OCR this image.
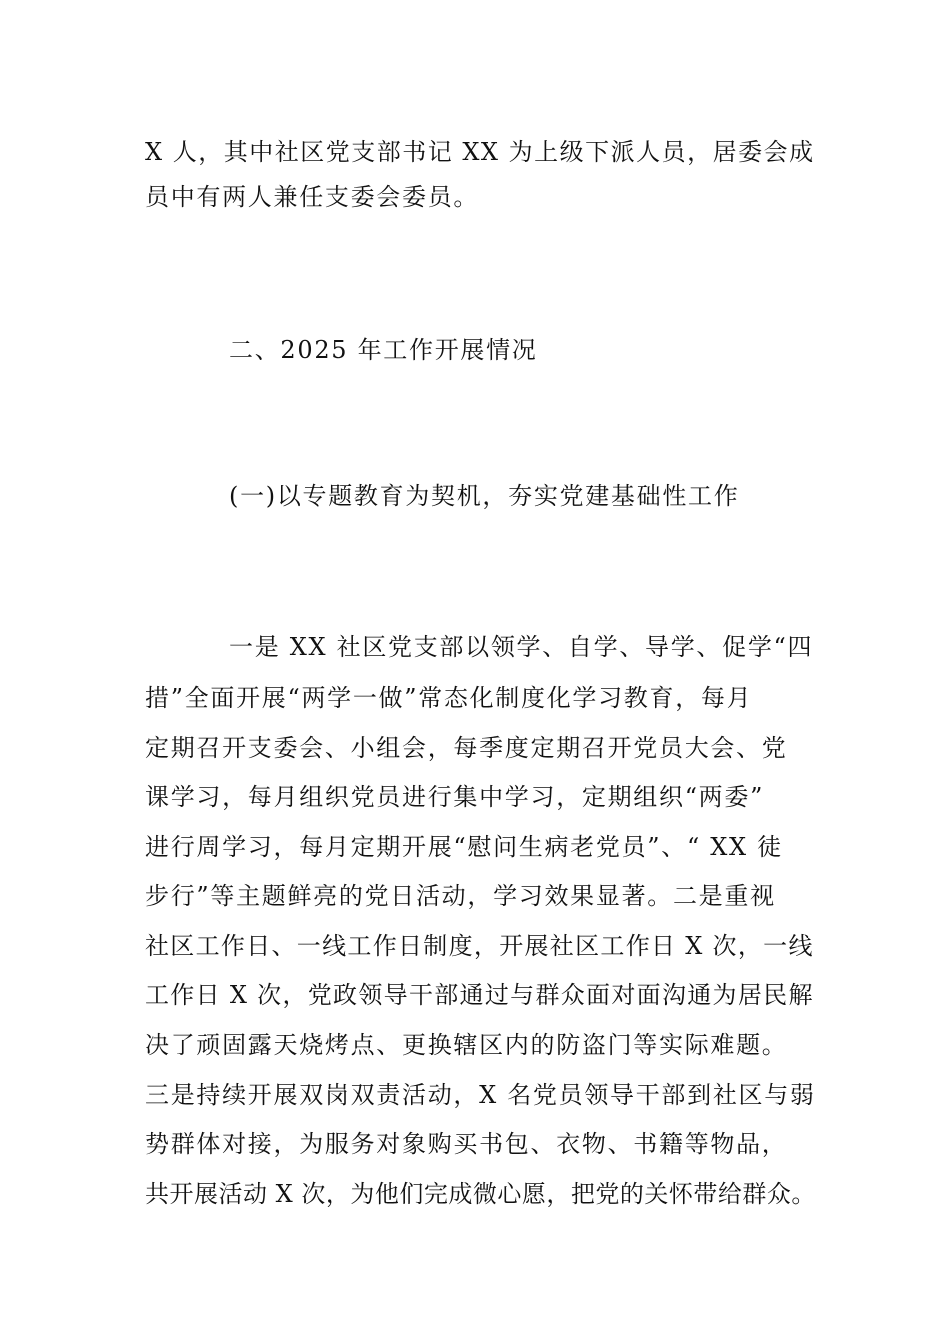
X 人，其中社区党支部书记 XX 为上级下派人员，居委会成
员中有两人兼任支委会委员。
二、2025 年工作开展情况
(一)以专题教育为契机，夯实党建基础性工作
一是 XX 社区党支部以领学、自学、导学、促学“四
措”全面开展“两学一做”常态化制度化学习教育，每月
定期召开支委会、小组会，每季度定期召开党员大会、党
课学习，每月组织党员进行集中学习，定期组织“两委”
进行周学习，每月定期开展“慰问生病老党员”、“ XX 徒
步行”等主题鲜亮的党日活动，学习效果显著。二是重视
社区工作日、一线工作日制度，开展社区工作日 X 次，一线
工作日 X 次，党政领导干部通过与群众面对面沟通为居民解
决了顽固露天烧烤点、更换辖区内的防盗门等实际难题。
三是持续开展双岗双责活动，X 名党员领导干部到社区与弱
势群体对接，为服务对象购买书包、衣物、书籍等物品，
共开展活动 X 次，为他们完成微心愿，把党的关怀带给群众。
